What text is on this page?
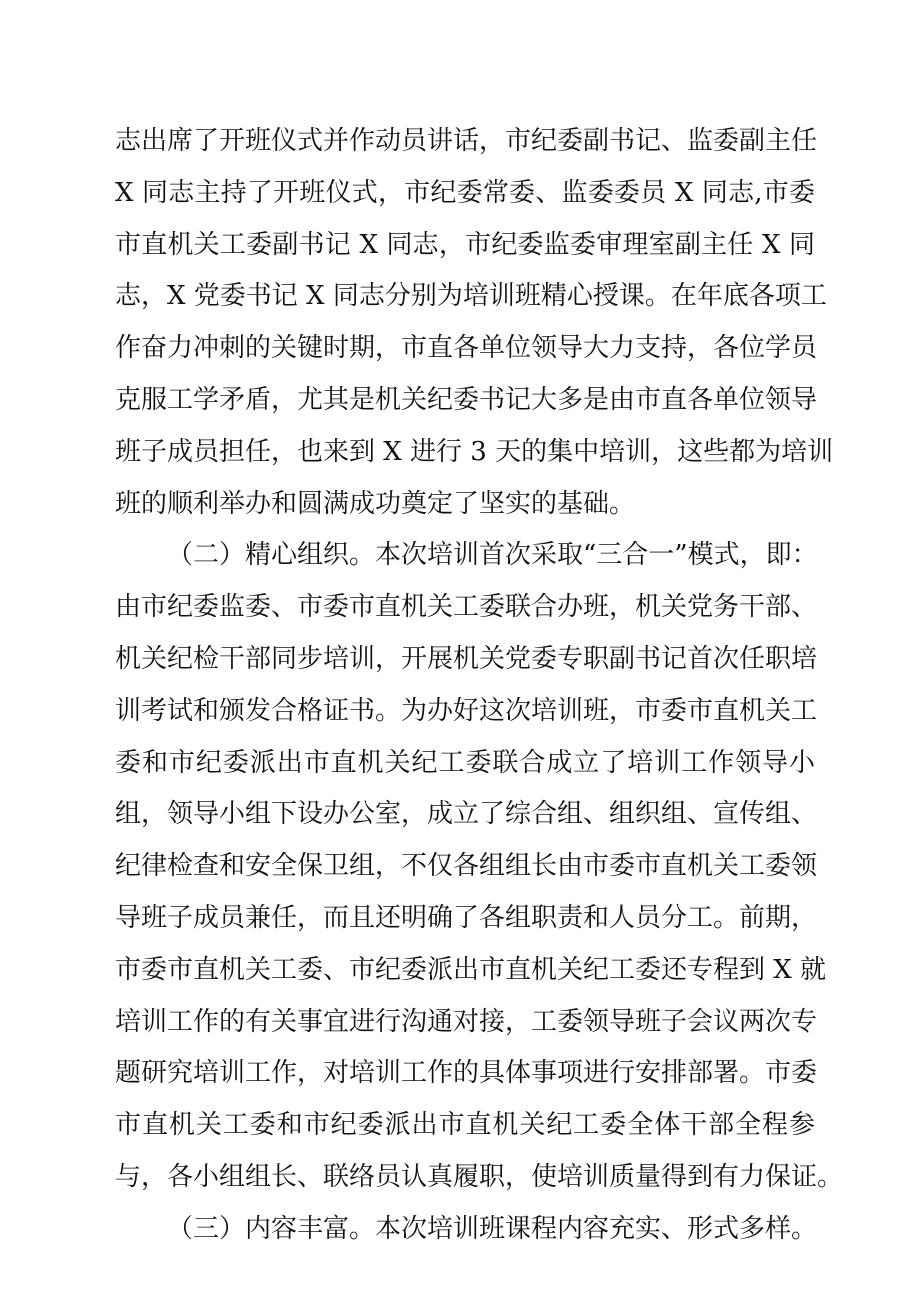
志出席了开班仪式并作动员讲话，市纪委副书记、监委副主任
X 同志主持了开班仪式，市纪委常委、监委委员 X 同志,市委
市直机关工委副书记 X 同志，市纪委监委审理室副主任 X 同
志，X 党委书记 X 同志分别为培训班精心授课。在年底各项工
作奋力冲刺的关键时期，市直各单位领导大力支持，各位学员
克服工学矛盾，尤其是机关纪委书记大多是由市直各单位领导
班子成员担任，也来到 X 进行 3 天的集中培训，这些都为培训
班的顺利举办和圆满成功奠定了坚实的基础。
（二）精心组织。本次培训首次采取“三合一”模式，即：
由市纪委监委、市委市直机关工委联合办班，机关党务干部、
机关纪检干部同步培训，开展机关党委专职副书记首次任职培
训考试和颁发合格证书。为办好这次培训班，市委市直机关工
委和市纪委派出市直机关纪工委联合成立了培训工作领导小
组，领导小组下设办公室，成立了综合组、组织组、宣传组、
纪律检查和安全保卫组，不仅各组组长由市委市直机关工委领
导班子成员兼任，而且还明确了各组职责和人员分工。前期，
市委市直机关工委、市纪委派出市直机关纪工委还专程到 X 就
培训工作的有关事宜进行沟通对接，工委领导班子会议两次专
题研究培训工作，对培训工作的具体事项进行安排部署。市委
市直机关工委和市纪委派出市直机关纪工委全体干部全程参
与，各小组组长、联络员认真履职，使培训质量得到有力保证。
（三）内容丰富。本次培训班课程内容充实、形式多样。
